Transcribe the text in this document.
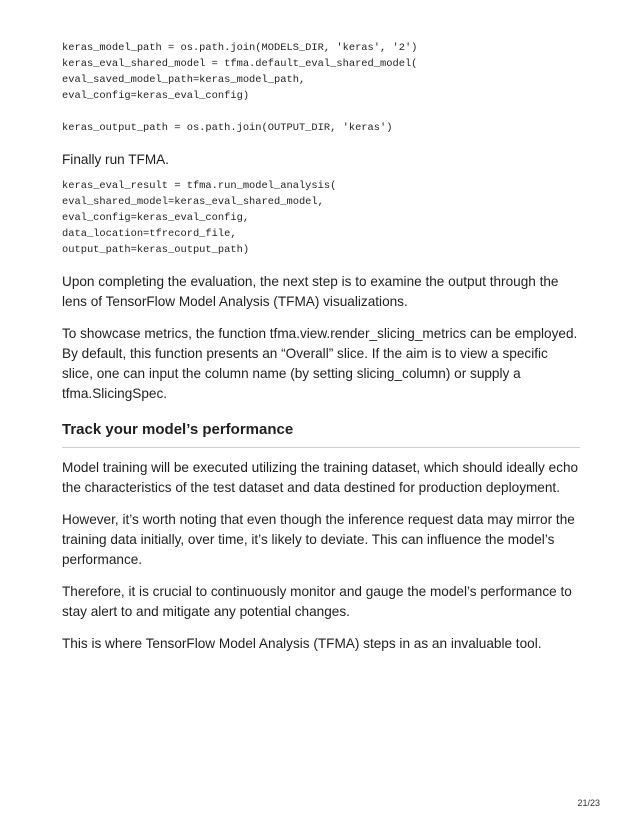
keras_model_path = os.path.join(MODELS_DIR, 'keras', '2')
keras_eval_shared_model = tfma.default_eval_shared_model(
eval_saved_model_path=keras_model_path,
eval_config=keras_eval_config)
keras_output_path = os.path.join(OUTPUT_DIR, 'keras')

Finally run TFMA.

keras_eval_result = tfma.run_model_analysis(
eval_shared_model=keras_eval_shared_model,
eval_config=keras_eval_config,
data_location=tfrecord_file,
output_path=keras_output_path)

Upon completing the evaluation, the next step is to examine the output through the lens of TensorFlow Model Analysis (TFMA) visualizations.

To showcase metrics, the function tfma.view.render_slicing_metrics can be employed. By default, this function presents an “Overall” slice. If the aim is to view a specific slice, one can input the column name (by setting slicing_column) or supply a tfma.SlicingSpec.

Track your model’s performance

Model training will be executed utilizing the training dataset, which should ideally echo the characteristics of the test dataset and data destined for production deployment.

However, it’s worth noting that even though the inference request data may mirror the training data initially, over time, it’s likely to deviate. This can influence the model’s performance.

Therefore, it is crucial to continuously monitor and gauge the model’s performance to stay alert to and mitigate any potential changes.

This is where TensorFlow Model Analysis (TFMA) steps in as an invaluable tool.

21/23
